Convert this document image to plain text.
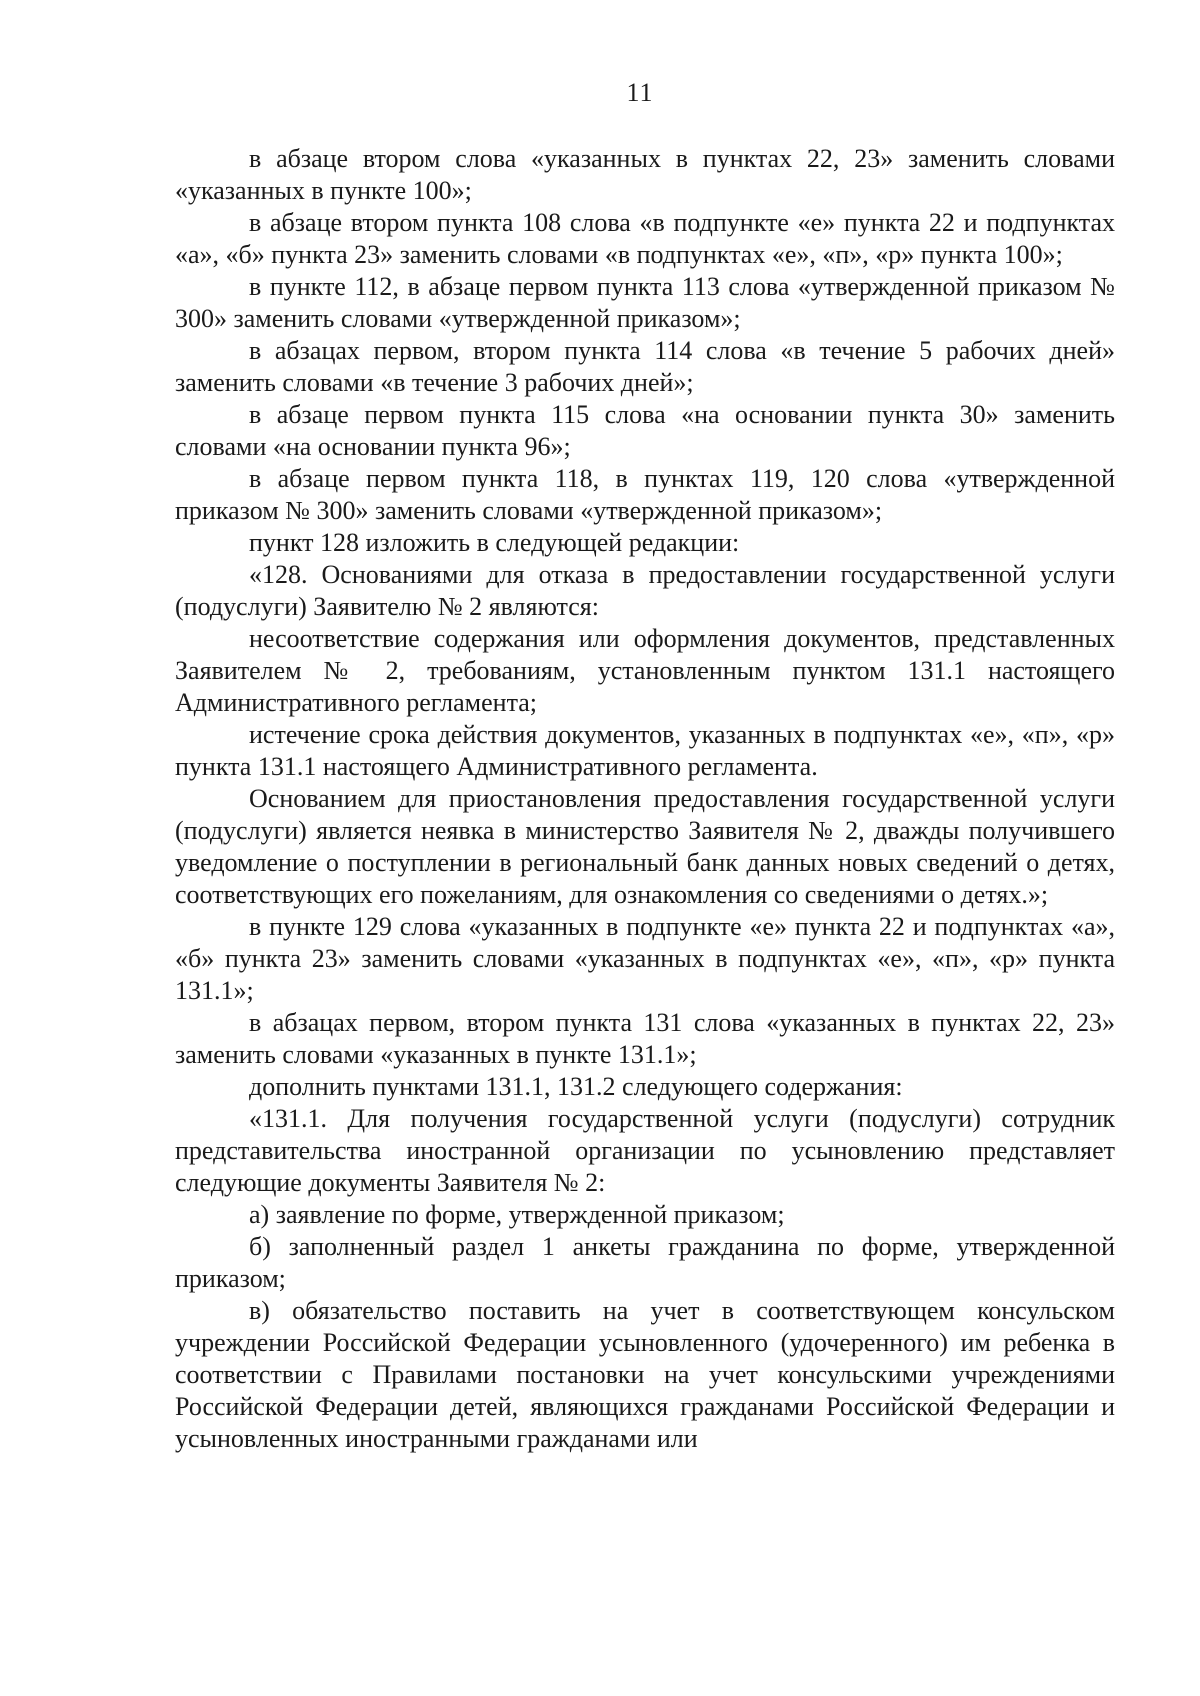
11

в абзаце втором слова «указанных в пунктах 22, 23» заменить словами «указанных в пункте 100»;

в абзаце втором пункта 108 слова «в подпункте «е» пункта 22 и подпунктах «а», «б» пункта 23» заменить словами «в подпунктах «е», «п», «р» пункта 100»;

в пункте 112, в абзаце первом пункта 113 слова «утвержденной приказом № 300» заменить словами «утвержденной приказом»;

в абзацах первом, втором пункта 114 слова «в течение 5 рабочих дней» заменить словами «в течение 3 рабочих дней»;

в абзаце первом пункта 115 слова «на основании пункта 30» заменить словами «на основании пункта 96»;

в абзаце первом пункта 118, в пунктах 119, 120 слова «утвержденной приказом № 300» заменить словами «утвержденной приказом»;

пункт 128 изложить в следующей редакции:

«128. Основаниями для отказа в предоставлении государственной услуги (подуслуги) Заявителю № 2 являются:

несоответствие содержания или оформления документов, представленных Заявителем № 2, требованиям, установленным пунктом 131.1 настоящего Административного регламента;

истечение срока действия документов, указанных в подпунктах «е», «п», «р» пункта 131.1 настоящего Административного регламента.

Основанием для приостановления предоставления государственной услуги (подуслуги) является неявка в министерство Заявителя № 2, дважды получившего уведомление о поступлении в региональный банк данных новых сведений о детях, соответствующих его пожеланиям, для ознакомления со сведениями о детях.»;

в пункте 129 слова «указанных в подпункте «е» пункта 22 и подпунктах «а», «б» пункта 23» заменить словами «указанных в подпунктах «е», «п», «р» пункта 131.1»;

в абзацах первом, втором пункта 131 слова «указанных в пунктах 22, 23» заменить словами «указанных в пункте 131.1»;

дополнить пунктами 131.1, 131.2 следующего содержания:

«131.1. Для получения государственной услуги (подуслуги) сотрудник представительства иностранной организации по усыновлению представляет следующие документы Заявителя № 2:

а) заявление по форме, утвержденной приказом;

б) заполненный раздел 1 анкеты гражданина по форме, утвержденной приказом;

в) обязательство поставить на учет в соответствующем консульском учреждении Российской Федерации усыновленного (удочеренного) им ребенка в соответствии с Правилами постановки на учет консульскими учреждениями Российской Федерации детей, являющихся гражданами Российской Федерации и усыновленных иностранными гражданами или
